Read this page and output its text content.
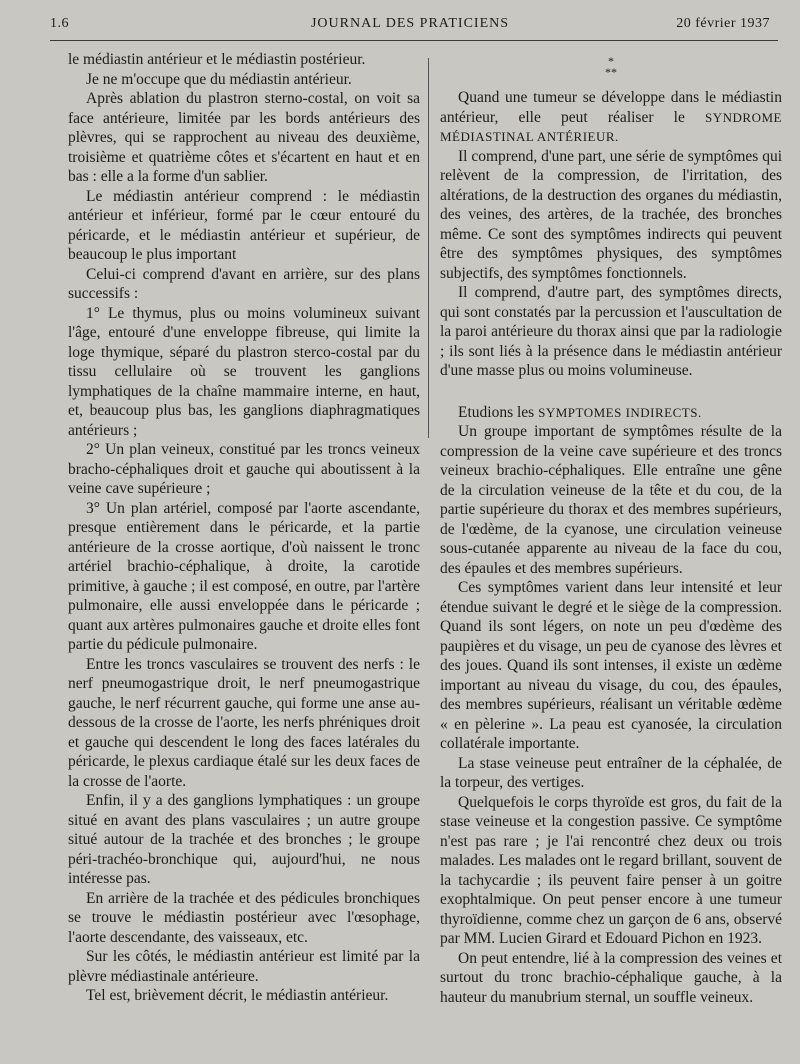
1.6	JOURNAL DES PRATICIENS	20 février 1937

le médiastin antérieur et le médiastin postérieur.

Je ne m'occupe que du médiastin antérieur.

Après ablation du plastron sterno-costal, on voit sa face antérieure, limitée par les bords antérieurs des plèvres, qui se rapprochent au niveau des deuxième, troisième et quatrième côtes et s'écartent en haut et en bas : elle a la forme d'un sablier.

Le médiastin antérieur comprend : le médiastin antérieur et inférieur, formé par le cœur entouré du péricarde, et le médiastin antérieur et supérieur, de beaucoup le plus important

Celui-ci comprend d'avant en arrière, sur des plans successifs :

1° Le thymus, plus ou moins volumineux suivant l'âge, entouré d'une enveloppe fibreuse, qui limite la loge thymique, séparé du plastron sterco-costal par du tissu cellulaire où se trouvent les ganglions lymphatiques de la chaîne mammaire interne, en haut, et, beaucoup plus bas, les ganglions diaphragmatiques antérieurs ;

2° Un plan veineux, constitué par les troncs veineux bracho-céphaliques droit et gauche qui aboutissent à la veine cave supérieure ;

3° Un plan artériel, composé par l'aorte ascendante, presque entièrement dans le péricarde, et la partie antérieure de la crosse aortique, d'où naissent le tronc artériel brachio-céphalique, à droite, la carotide primitive, à gauche ; il est composé, en outre, par l'artère pulmonaire, elle aussi enveloppée dans le péricarde ; quant aux artères pulmonaires gauche et droite elles font partie du pédicule pulmonaire.

Entre les troncs vasculaires se trouvent des nerfs : le nerf pneumogastrique droit, le nerf pneumogastrique gauche, le nerf récurrent gauche, qui forme une anse au-dessous de la crosse de l'aorte, les nerfs phréniques droit et gauche qui descendent le long des faces latérales du péricarde, le plexus cardiaque étalé sur les deux faces de la crosse de l'aorte.

Enfin, il y a des ganglions lymphatiques : un groupe situé en avant des plans vasculaires ; un autre groupe situé autour de la trachée et des bronches ; le groupe péri-trachéo-bronchique qui, aujourd'hui, ne nous intéresse pas.

En arrière de la trachée et des pédicules bronchiques se trouve le médiastin postérieur avec l'œsophage, l'aorte descendante, des vaisseaux, etc.

Sur les côtés, le médiastin antérieur est limité par la plèvre médiastinale antérieure.

Tel est, brièvement décrit, le médiastin antérieur.

*
**

Quand une tumeur se développe dans le médiastin antérieur, elle peut réaliser le SYNDROME MÉDIASTINAL ANTÉRIEUR.

Il comprend, d'une part, une série de symptômes qui relèvent de la compression, de l'irritation, des altérations, de la destruction des organes du médiastin, des veines, des artères, de la trachée, des bronches même. Ce sont des symptômes indirects qui peuvent être des symptômes physiques, des symptômes subjectifs, des symptômes fonctionnels.

Il comprend, d'autre part, des symptômes directs, qui sont constatés par la percussion et l'auscultation de la paroi antérieure du thorax ainsi que par la radiologie ; ils sont liés à la présence dans le médiastin antérieur d'une masse plus ou moins volumineuse.

Etudions les SYMPTOMES INDIRECTS.

Un groupe important de symptômes résulte de la compression de la veine cave supérieure et des troncs veineux brachio-céphaliques. Elle entraîne une gêne de la circulation veineuse de la tête et du cou, de la partie supérieure du thorax et des membres supérieurs, de l'œdème, de la cyanose, une circulation veineuse sous-cutanée apparente au niveau de la face du cou, des épaules et des membres supérieurs.

Ces symptômes varient dans leur intensité et leur étendue suivant le degré et le siège de la compression. Quand ils sont légers, on note un peu d'œdème des paupières et du visage, un peu de cyanose des lèvres et des joues. Quand ils sont intenses, il existe un œdème important au niveau du visage, du cou, des épaules, des membres supérieurs, réalisant un véritable œdème « en pèlerine ». La peau est cyanosée, la circulation collatérale importante.

La stase veineuse peut entraîner de la céphalée, de la torpeur, des vertiges.

Quelquefois le corps thyroïde est gros, du fait de la stase veineuse et la congestion passive. Ce symptôme n'est pas rare ; je l'ai rencontré chez deux ou trois malades. Les malades ont le regard brillant, souvent de la tachycardie ; ils peuvent faire penser à un goitre exophtalmique. On peut penser encore à une tumeur thyroïdienne, comme chez un garçon de 6 ans, observé par MM. Lucien Girard et Edouard Pichon en 1923.

On peut entendre, lié à la compression des veines et surtout du tronc brachio-céphalique gauche, à la hauteur du manubrium sternal, un souffle veineux.
